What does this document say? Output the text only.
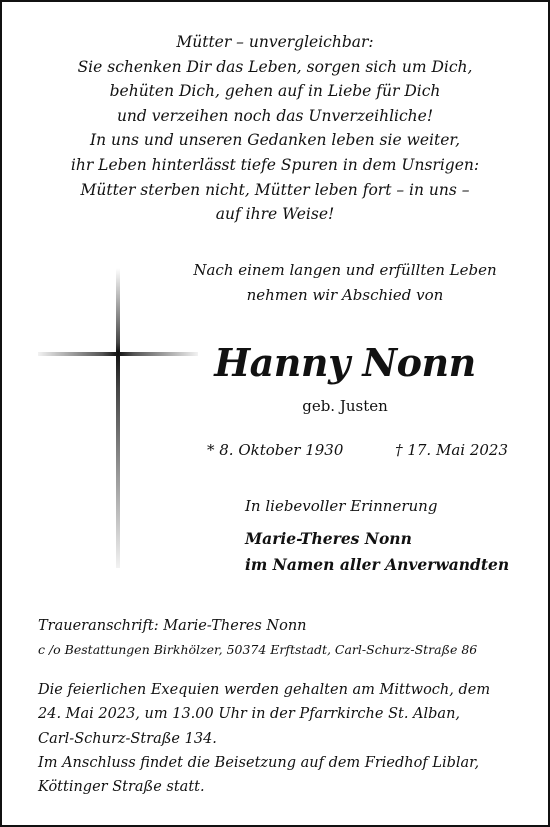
Mütter – unvergleichbar:
Sie schenken Dir das Leben, sorgen sich um Dich,
behüten Dich, gehen auf in Liebe für Dich
und verzeihen noch das Unverzeihliche!
In uns und unseren Gedanken leben sie weiter,
ihr Leben hinterlässt tiefe Spuren in dem Unsrigen:
Mütter sterben nicht, Mütter leben fort – in uns –
auf ihre Weise!
Nach einem langen und erfüllten Leben
nehmen wir Abschied von
Hanny Nonn
geb. Justen
* 8. Oktober 1930	† 17. Mai 2023
In liebevoller Erinnerung
Marie-Theres Nonn
im Namen aller Anverwandten
Traueranschrift: Marie-Theres Nonn
c /o Bestattungen Birkhölzer, 50374 Erftstadt, Carl-Schurz-Straße 86
Die feierlichen Exequien werden gehalten am Mittwoch, dem
24. Mai 2023, um 13.00 Uhr in der Pfarrkirche St. Alban,
Carl-Schurz-Straße 134.
Im Anschluss findet die Beisetzung auf dem Friedhof Liblar,
Köttinger Straße statt.
